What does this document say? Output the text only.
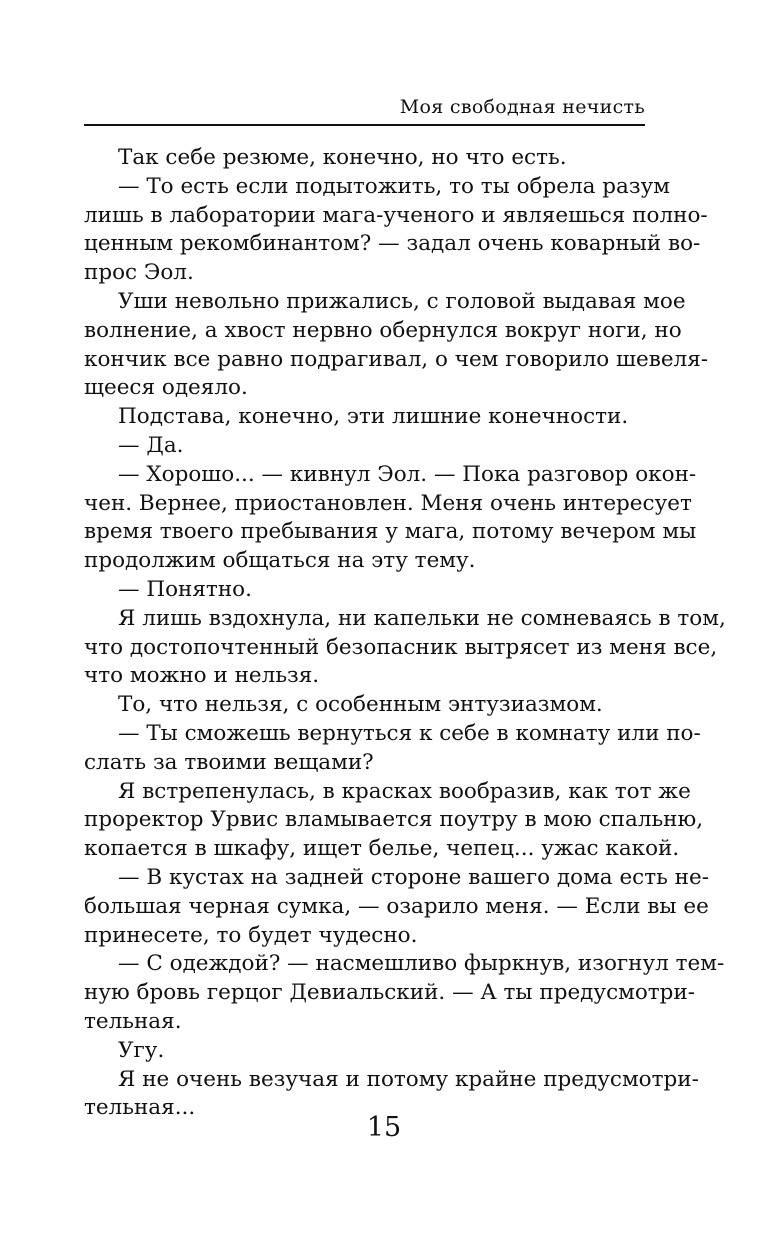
Моя свободная нечисть
Так себе резюме, конечно, но что есть.
— То есть если подытожить, то ты обрела разум
лишь в лаборатории мага-ученого и являешься полно-
ценным рекомбинантом? — задал очень коварный во-
прос Эол.
Уши невольно прижались, с головой выдавая мое
волнение, а хвост нервно обернулся вокруг ноги, но
кончик все равно подрагивал, о чем говорило шевеля-
щееся одеяло.
Подстава, конечно, эти лишние конечности.
— Да.
— Хорошо... — кивнул Эол. — Пока разговор окон-
чен. Вернее, приостановлен. Меня очень интересует
время твоего пребывания у мага, потому вечером мы
продолжим общаться на эту тему.
— Понятно.
Я лишь вздохнула, ни капельки не сомневаясь в том,
что достопочтенный безопасник вытрясет из меня все,
что можно и нельзя.
То, что нельзя, с особенным энтузиазмом.
— Ты сможешь вернуться к себе в комнату или по-
слать за твоими вещами?
Я встрепенулась, в красках вообразив, как тот же
проректор Урвис вламывается поутру в мою спальню,
копается в шкафу, ищет белье, чепец... ужас какой.
— В кустах на задней стороне вашего дома есть не-
большая черная сумка, — озарило меня. — Если вы ее
принесете, то будет чудесно.
— С одеждой? — насмешливо фыркнув, изогнул тем-
ную бровь герцог Девиальский. — А ты предусмотри-
тельная.
Угу.
Я не очень везучая и потому крайне предусмотри-
тельная...
15
